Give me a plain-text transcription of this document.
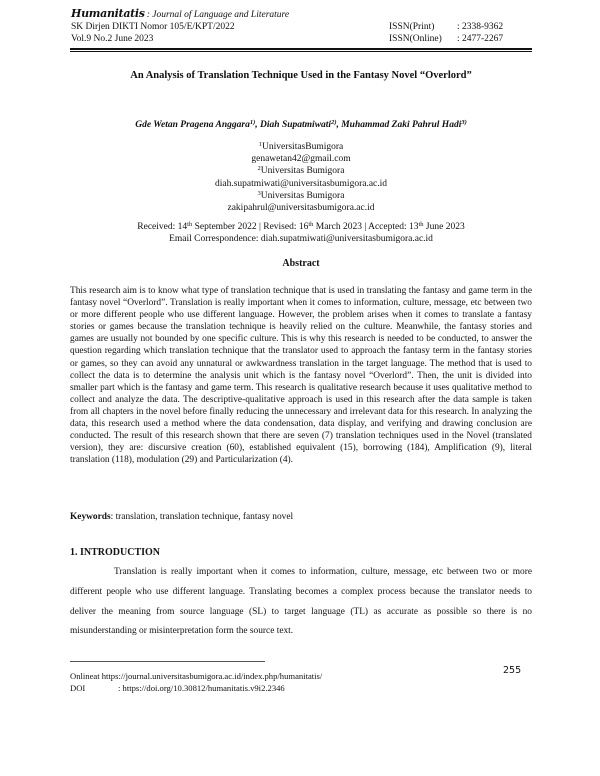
Humanitatis : Journal of Language and Literature
SK Dirjen DIKTI Nomor 105/E/KPT/2022	ISSN(Print)	: 2338-9362
Vol.9 No.2 June 2023	ISSN(Online)	: 2477-2267
An Analysis of Translation Technique Used in the Fantasy Novel “Overlord”
Gde Wetan Pragena Anggara$^{1)}$, Diah Supatmiwati$^{2)}$, Muhammad Zaki Pahrul Hadi$^{3)}$
$^1$UniversitasBumigora
genawetan42@gmail.com
$^2$Universitas Bumigora
diah.supatmiwati@universitasbumigora.ac.id
$^3$Universitas Bumigora
zakipahrul@universitasbumigora.ac.id
Received: 14th September 2022 | Revised: 16th March 2023 | Accepted: 13th June 2023
Email Correspondence: diah.supatmiwati@universitasbumigora.ac.id
Abstract

This research aim is to know what type of translation technique that is used in translating the fantasy and game term in the fantasy novel “Overlord”. Translation is really important when it comes to information, culture, message, etc between two or more different people who use different language. However, the problem arises when it comes to translate a fantasy stories or games because the translation technique is heavily relied on the culture. Meanwhile, the fantasy stories and games are usually not bounded by one specific culture. This is why this research is needed to be conducted, to answer the question regarding which translation technique that the translator used to approach the fantasy term in the fantasy stories or games, so they can avoid any unnatural or awkwardness translation in the target language. The method that is used to collect the data is to determine the analysis unit which is the fantasy novel “Overlord”. Then, the unit is divided into smaller part which is the fantasy and game term. This research is qualitative research because it uses qualitative method to collect and analyze the data. The descriptive-qualitative approach is used in this research after the data sample is taken from all chapters in the novel before finally reducing the unnecessary and irrelevant data for this research. In analyzing the data, this research used a method where the data condensation, data display, and verifying and drawing conclusion are conducted. The result of this research shown that there are seven (7) translation techniques used in the Novel (translated version), they are: discursive creation (60), established equivalent (15), borrowing (184), Amplification (9), literal translation (118), modulation (29) and Particularization (4).

Keywords: translation, translation technique, fantasy novel
1. INTRODUCTION

Translation is really important when it comes to information, culture, message, etc between two or more different people who use different language. Translating becomes a complex process because the translator needs to deliver the meaning from source language (SL) to target language (TL) as accurate as possible so there is no misunderstanding or misinterpretation form the source text.

255
Onlineat https://journal.universitasbumigora.ac.id/index.php/humanitatis/
DOI	: https://doi.org/10.30812/humanitatis.v9i2.2346
